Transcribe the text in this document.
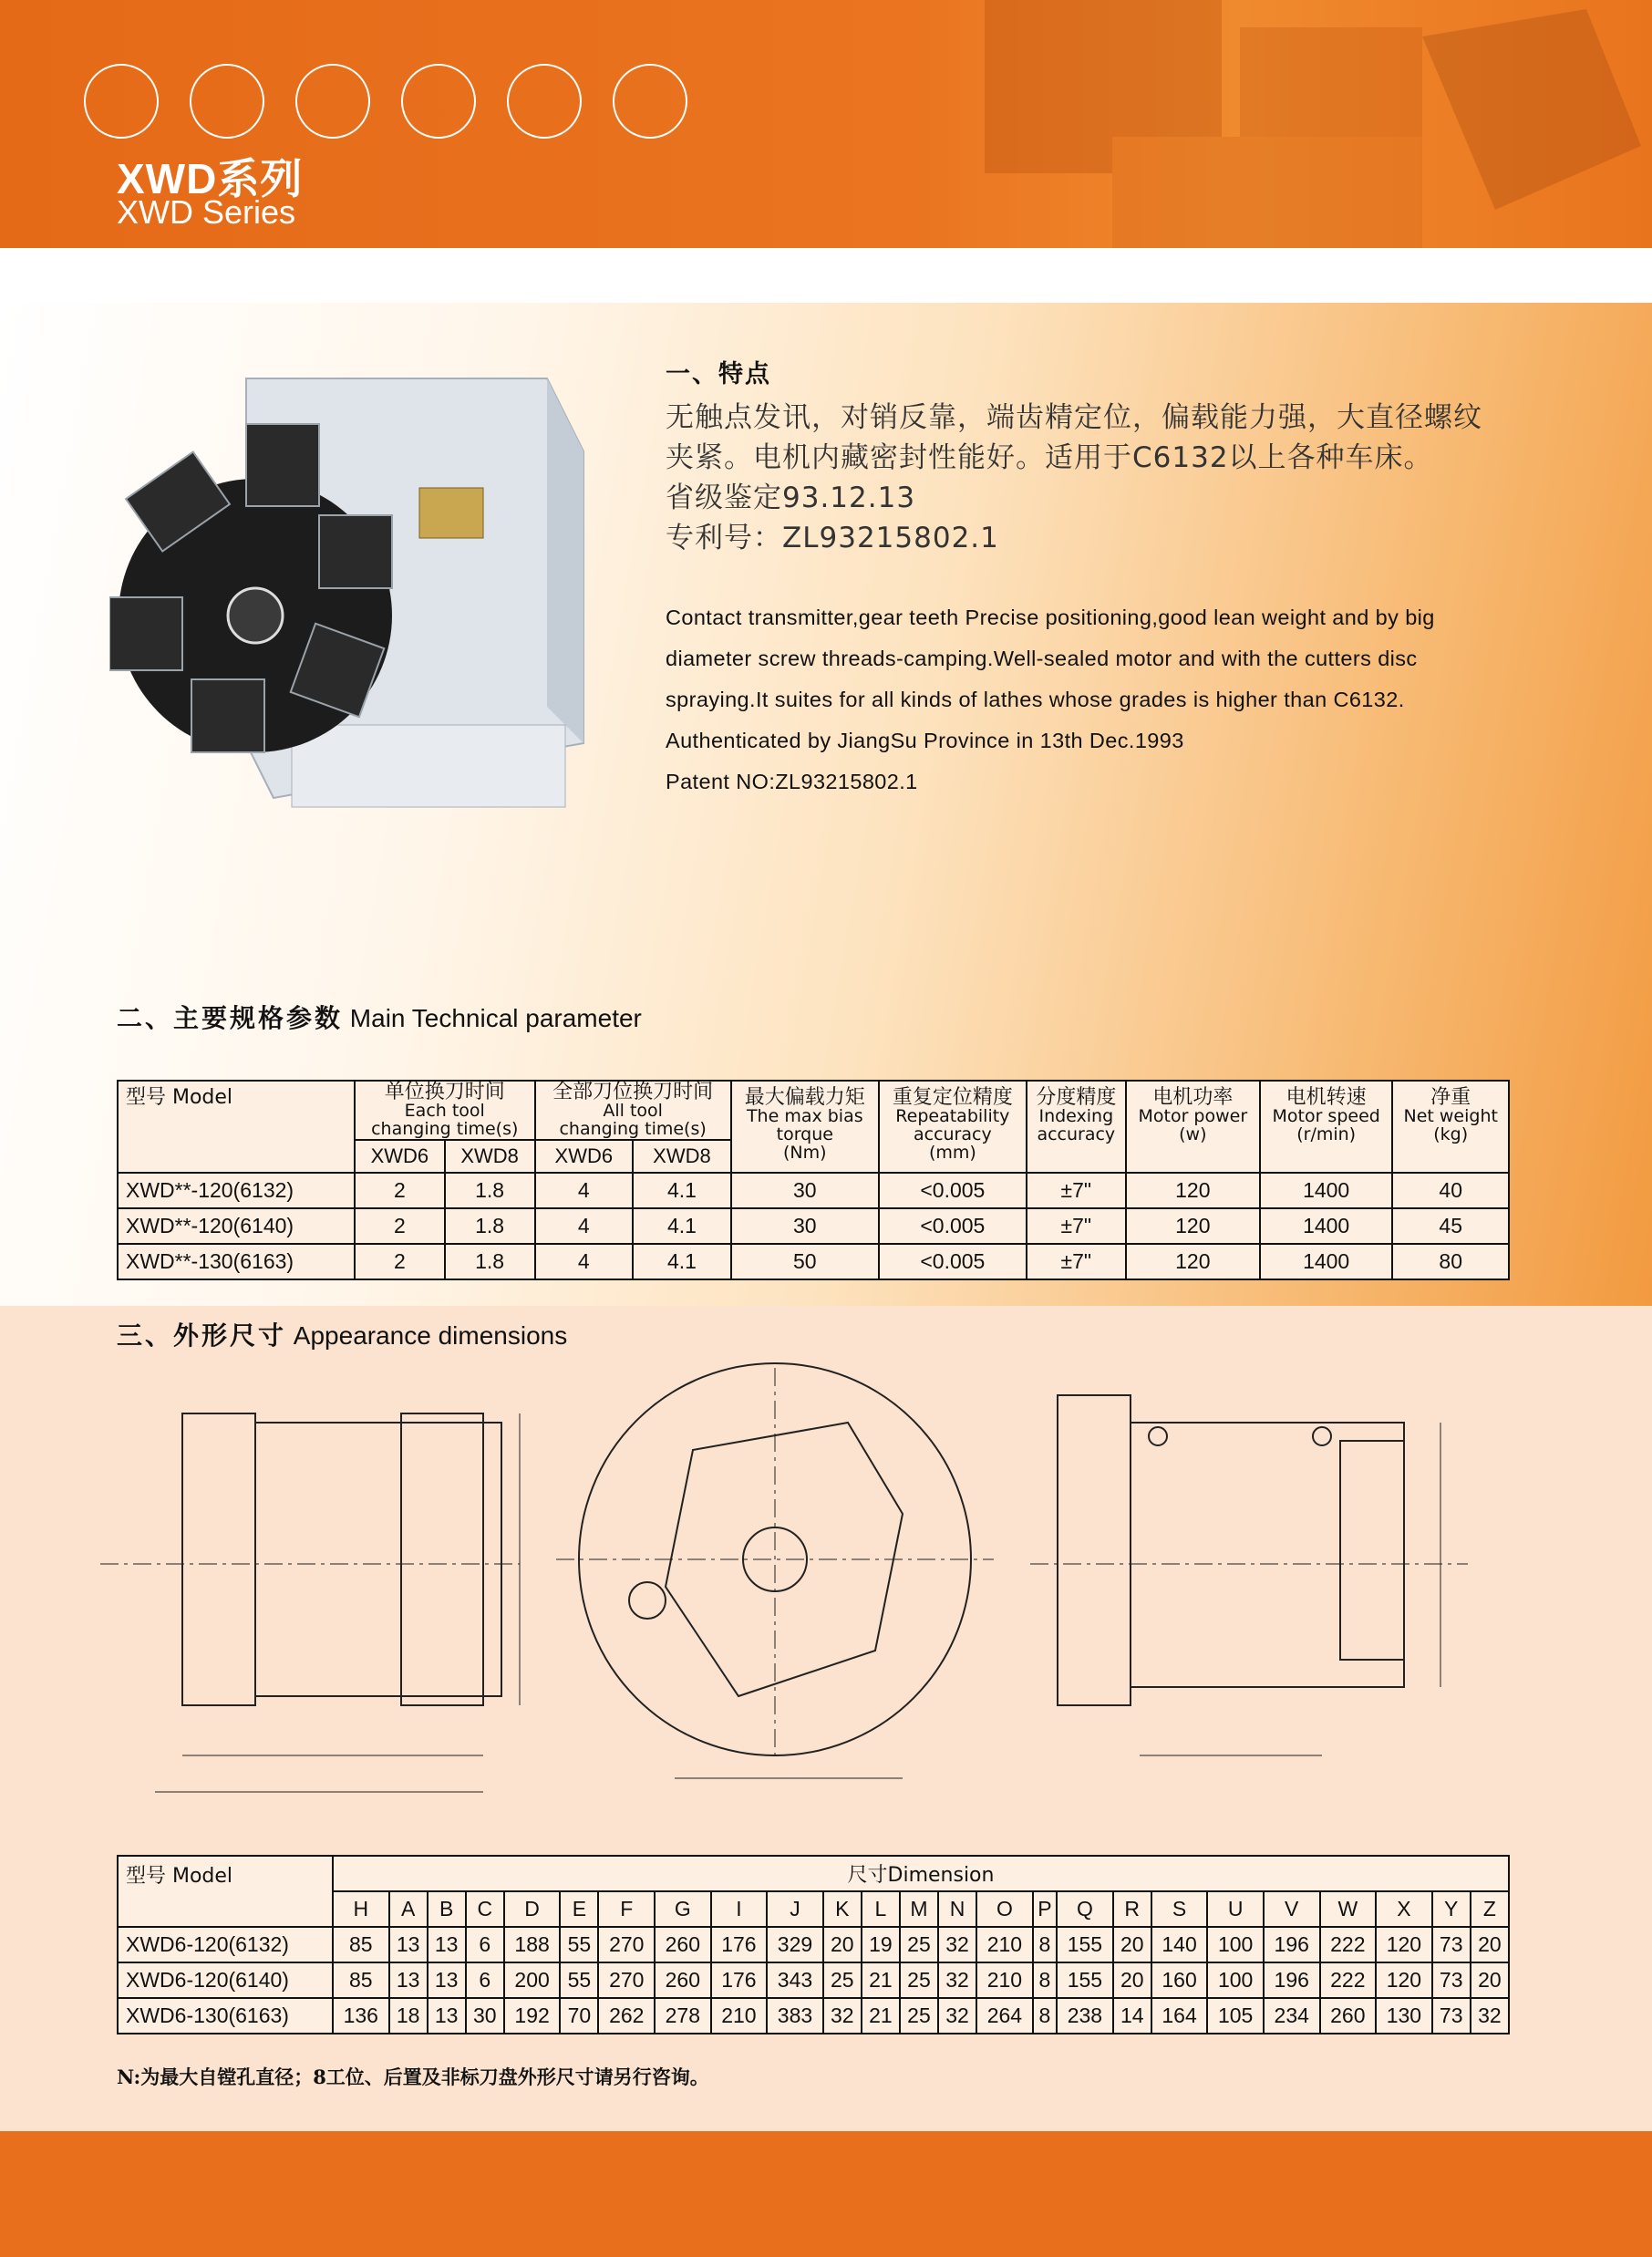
XWD系列
XWD Series
一、特点
无触点发讯，对销反靠，端齿精定位，偏载能力强，大直径螺纹
夹紧。电机内藏密封性能好。适用于C6132以上各种车床。
省级鉴定93.12.13
专利号：ZL93215802.1
Contact transmitter,gear teeth Precise positioning,good lean weight and by big
diameter screw threads-camping.Well-sealed motor and with the cutters disc
spraying.It suites for all kinds of lathes whose grades is higher than C6132.
Authenticated by JiangSu Province in 13th Dec.1993
Patent NO:ZL93215802.1
二、主要规格参数 Main Technical parameter
型号 Model	单位换刀时间
Each tool
changing time(s)		全部刀位换刀时间
All tool
changing time(s)		最大偏载力矩
The max bias
torque
(Nm)	重复定位精度
Repeatability
accuracy
(mm)	分度精度
Indexing
accuracy	电机功率
Motor power
(w)	电机转速
Motor speed
(r/min)	净重
Net weight
(kg)

	XWD6	XWD8	XWD6	XWD8						
XWD**-120(6132)	2	1.8	4	4.1	30	<0.005	±7"	120	1400	40
XWD**-120(6140)	2	1.8	4	4.1	30	<0.005	±7"	120	1400	45
XWD**-130(6163)	2	1.8	4	4.1	50	<0.005	±7"	120	1400	80
三、外形尺寸 Appearance dimensions
型号 Model	尺寸Dimension																								
	H	A	B	C	D	E	F	G	I	J	K	L	M	N	O	P	Q	R	S	U	V	W	X	Y	Z
XWD6-120(6132)	85	13	13	6	188	55	270	260	176	329	20	19	25	32	210	8	155	20	140	100	196	222	120	73	20
XWD6-120(6140)	85	13	13	6	200	55	270	260	176	343	25	21	25	32	210	8	155	20	160	100	196	222	120	73	20
XWD6-130(6163)	136	18	13	30	192	70	262	278	210	383	32	21	25	32	264	8	238	14	164	105	234	260	130	73	32
N:为最大自镗孔直径；8工位、后置及非标刀盘外形尺寸请另行咨询。
